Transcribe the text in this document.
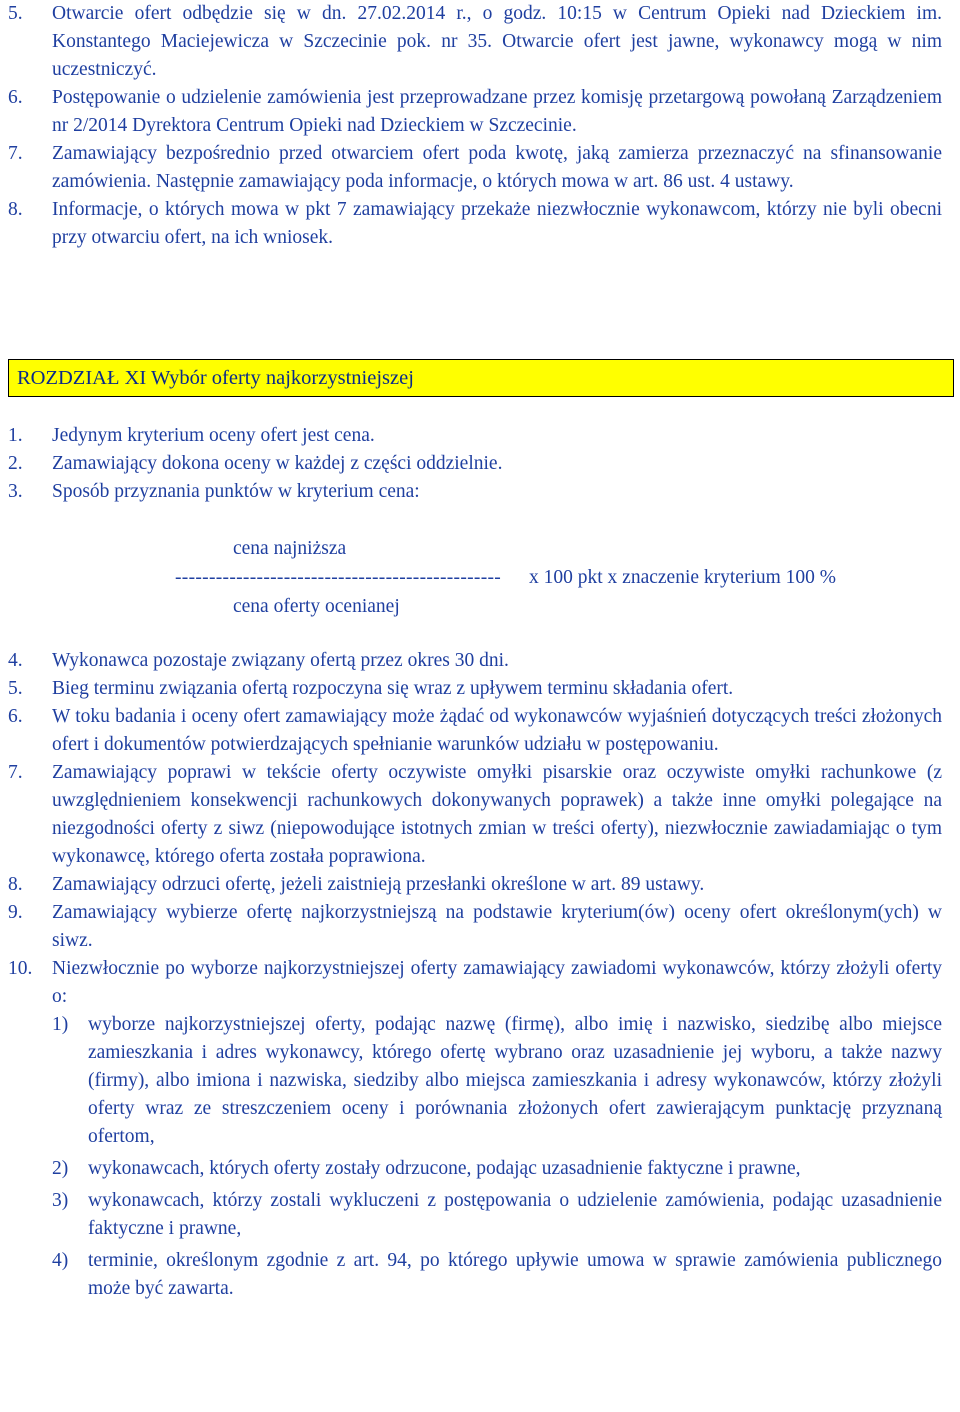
5. Otwarcie ofert odbędzie się w dn. 27.02.2014 r., o godz. 10:15 w Centrum Opieki nad Dzieckiem im. Konstantego Maciejewicza w Szczecinie pok. nr 35. Otwarcie ofert jest jawne, wykonawcy mogą w nim uczestniczyć.
6. Postępowanie o udzielenie zamówienia jest przeprowadzane przez komisję przetargową powołaną Zarządzeniem nr 2/2014 Dyrektora Centrum Opieki nad Dzieckiem w Szczecinie.
7. Zamawiający bezpośrednio przed otwarciem ofert poda kwotę, jaką zamierza przeznaczyć na sfinansowanie zamówienia. Następnie zamawiający poda informacje, o których mowa w art. 86 ust. 4 ustawy.
8. Informacje, o których mowa w pkt 7 zamawiający przekaże niezwłocznie wykonawcom, którzy nie byli obecni przy otwarciu ofert, na ich wniosek.
ROZDZIAŁ XI Wybór oferty najkorzystniejszej
1. Jedynym kryterium oceny ofert jest cena.
2. Zamawiający dokona oceny w każdej z części oddzielnie.
3. Sposób przyznania punktów w kryterium cena:
cena najniższa
------------------------------------------------ x 100 pkt x znaczenie kryterium 100 %
cena oferty ocenianej
4. Wykonawca pozostaje związany ofertą przez okres 30 dni.
5. Bieg terminu związania ofertą rozpoczyna się wraz z upływem terminu składania ofert.
6. W toku badania i oceny ofert zamawiający może żądać od wykonawców wyjaśnień dotyczących treści złożonych ofert i dokumentów potwierdzających spełnianie warunków udziału w postępowaniu.
7. Zamawiający poprawi w tekście oferty oczywiste omyłki pisarskie oraz oczywiste omyłki rachunkowe (z uwzględnieniem konsekwencji rachunkowych dokonywanych poprawek) a także inne omyłki polegające na niezgodności oferty z siwz (niepowodujące istotnych zmian w treści oferty), niezwłocznie zawiadamiając o tym wykonawcę, którego oferta została poprawiona.
8. Zamawiający odrzuci ofertę, jeżeli zaistnieją przesłanki określone w art. 89 ustawy.
9. Zamawiający wybierze ofertę najkorzystniejszą na podstawie kryterium(ów) oceny ofert określonym(ych) w siwz.
10. Niezwłocznie po wyborze najkorzystniejszej oferty zamawiający zawiadomi wykonawców, którzy złożyli oferty o:
1) wyborze najkorzystniejszej oferty, podając nazwę (firmę), albo imię i nazwisko, siedzibę albo miejsce zamieszkania i adres wykonawcy, którego ofertę wybrano oraz uzasadnienie jej wyboru, a także nazwy (firmy), albo imiona i nazwiska, siedziby albo miejsca zamieszkania i adresy wykonawców, którzy złożyli oferty wraz ze streszczeniem oceny i porównania złożonych ofert zawierającym punktację przyznaną ofertom,
2) wykonawcach, których oferty zostały odrzucone, podając uzasadnienie faktyczne i prawne,
3) wykonawcach, którzy zostali wykluczeni z postępowania o udzielenie zamówienia, podając uzasadnienie faktyczne i prawne,
4) terminie, określonym zgodnie z art. 94, po którego upływie umowa w sprawie zamówienia publicznego może być zawarta.
